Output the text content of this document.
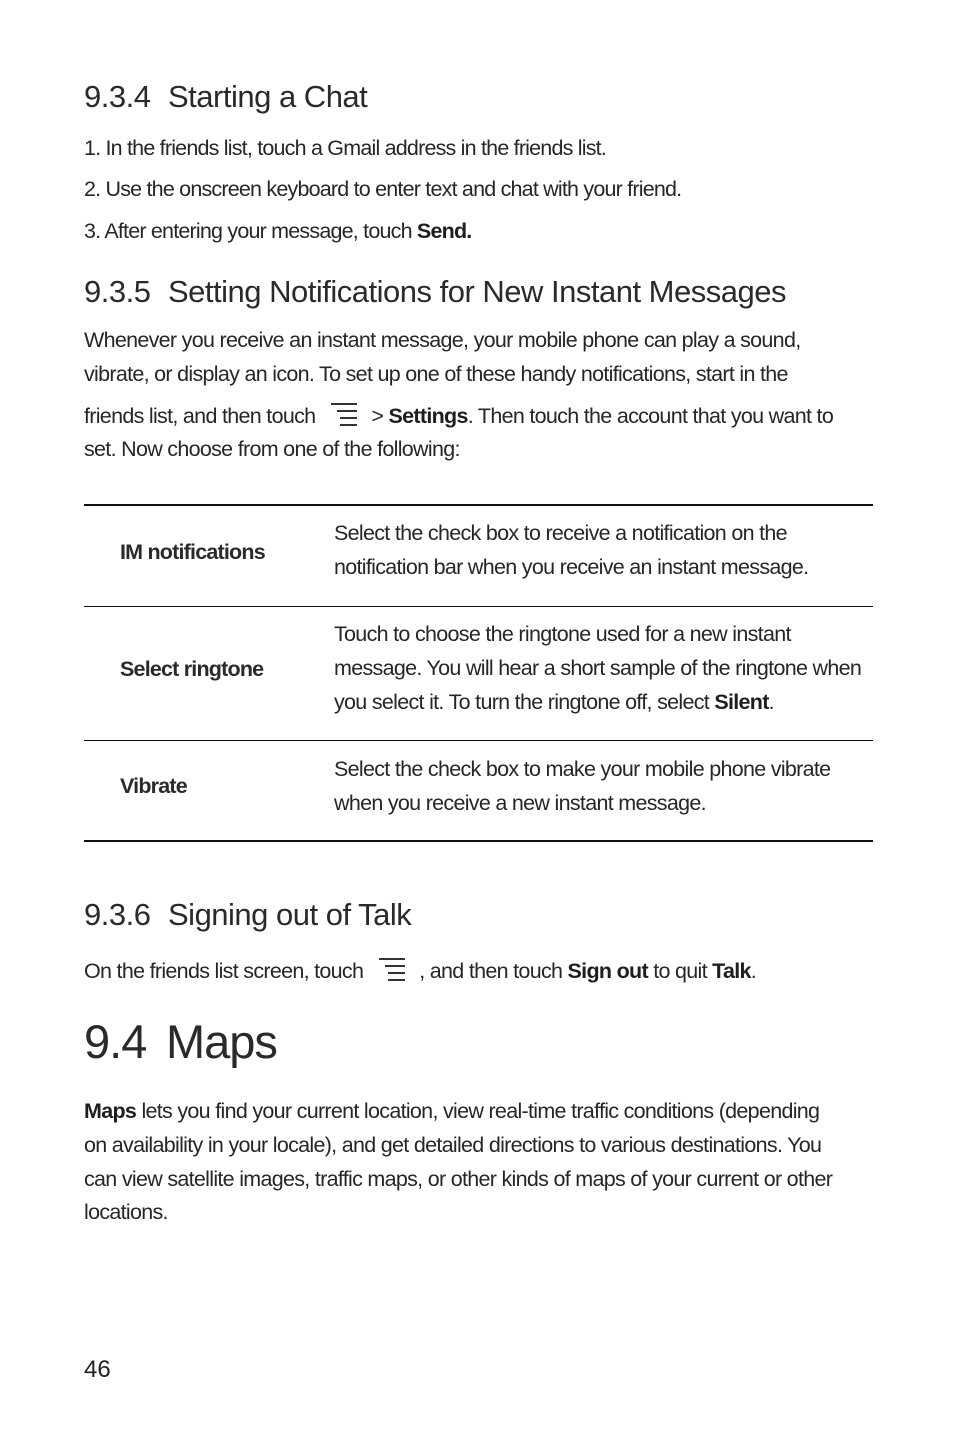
9.3.4 Starting a Chat
1. In the friends list, touch a Gmail address in the friends list.
2. Use the onscreen keyboard to enter text and chat with your friend.
3. After entering your message, touch Send.
9.3.5 Setting Notifications for New Instant Messages
Whenever you receive an instant message, your mobile phone can play a sound,
vibrate, or display an icon. To set up one of these handy notifications, start in the
friends list, and then touch	> Settings. Then touch the account that you want to
set. Now choose from one of the following:
IM notifications
Select the check box to receive a notification on the notification bar when you receive an instant message.
Select ringtone
Touch to choose the ringtone used for a new instant message. You will hear a short sample of the ringtone when you select it. To turn the ringtone off, select Silent.
Vibrate
Select the check box to make your mobile phone vibrate when you receive a new instant message.
9.3.6 Signing out of Talk
On the friends list screen, touch	, and then touch Sign out to quit Talk.
9.4 Maps
Maps lets you find your current location, view real-time traffic conditions (depending
on availability in your locale), and get detailed directions to various destinations. You
can view satellite images, traffic maps, or other kinds of maps of your current or other
locations.
46
